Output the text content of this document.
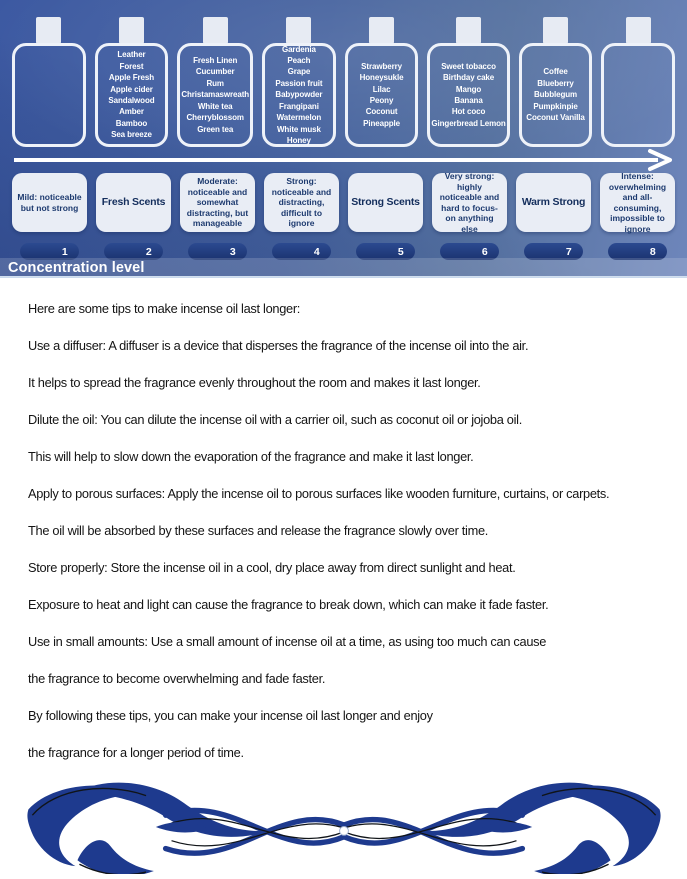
Leather
Forest
Apple Fresh
Apple cider
Sandalwood
Amber
Bamboo
Sea breeze
Fresh Linen
Cucumber
Rum
Christamaswreath
White tea
Cherryblossom
Green tea
Gardenia
Peach
Grape
Passion fruit
Babypowder
Frangipani
Watermelon
White musk
Honey
Strawberry
Honeysukle
Lilac
Peony
Coconut
Pineapple
Sweet tobacco
Birthday cake
Mango
Banana
Hot coco
Gingerbread Lemon
Coffee
Blueberry
Bubblegum
Pumpkinpie
Coconut Vanilla
Mild: noticeable but not strong
1
Fresh Scents
2
Moderate: noticeable and somewhat distracting, but manageable
3
Strong: noticeable and distracting, difficult to ignore
4
Strong Scents
5
Very strong: highly noticeable and hard to focus- on anything else
6
Warm Strong
7
Intense: overwhelming and all-consuming, impossible to ignore
8
Concentration level

Here are some tips to make incense oil last longer:

Use a diffuser: A diffuser is a device that disperses the fragrance of the incense oil into the air.

It helps to spread the fragrance evenly throughout the room and makes it last longer.

Dilute the oil: You can dilute the incense oil with a carrier oil, such as coconut oil or jojoba oil.

This will help to slow down the evaporation of the fragrance and make it last longer.

Apply to porous surfaces: Apply the incense oil to porous surfaces like wooden furniture, curtains, or carpets.

The oil will be absorbed by these surfaces and release the fragrance slowly over time.

Store properly: Store the incense oil in a cool, dry place away from direct sunlight and heat.

Exposure to heat and light can cause the fragrance to break down, which can make it fade faster.

Use in small amounts: Use a small amount of incense oil at a time, as using too much can cause

the fragrance to become overwhelming and fade faster.

By following these tips, you can make your incense oil last longer and enjoy

the fragrance for a longer period of time.
